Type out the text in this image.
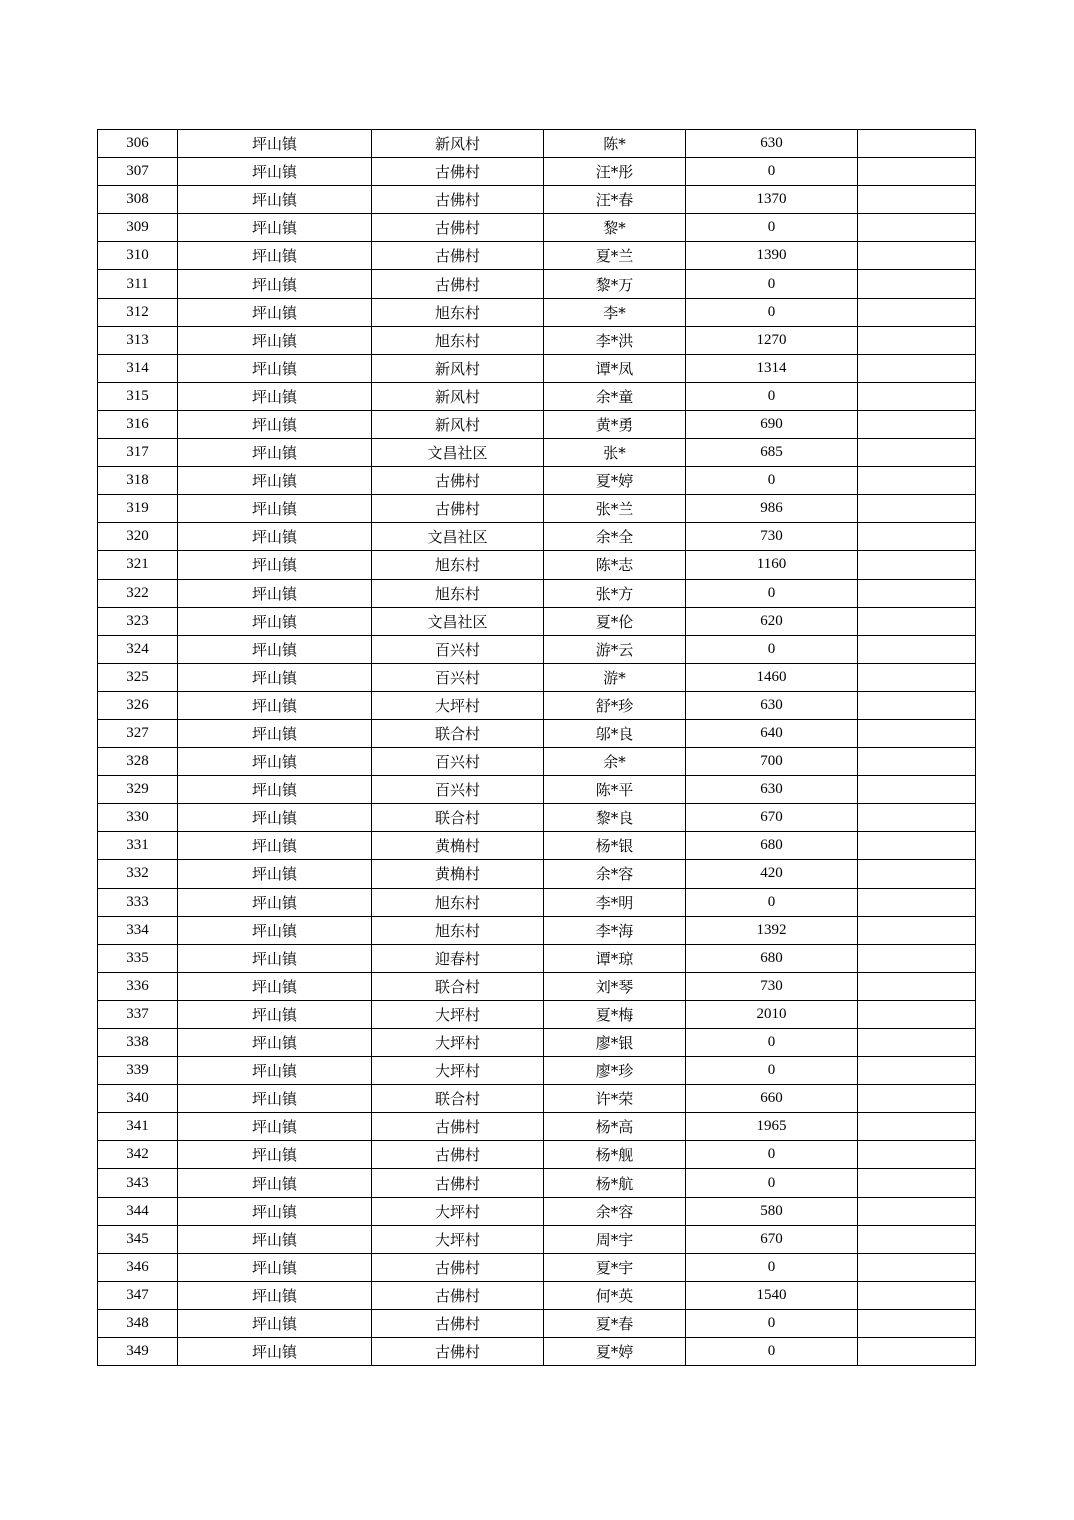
306	坪山镇	新风村	陈*	630	
307	坪山镇	古佛村	汪*彤	0	
308	坪山镇	古佛村	汪*春	1370	
309	坪山镇	古佛村	黎*	0	
310	坪山镇	古佛村	夏*兰	1390	
311	坪山镇	古佛村	黎*万	0	
312	坪山镇	旭东村	李*	0	
313	坪山镇	旭东村	李*洪	1270	
314	坪山镇	新风村	谭*凤	1314	
315	坪山镇	新风村	余*童	0	
316	坪山镇	新风村	黄*勇	690	
317	坪山镇	文昌社区	张*	685	
318	坪山镇	古佛村	夏*婷	0	
319	坪山镇	古佛村	张*兰	986	
320	坪山镇	文昌社区	余*全	730	
321	坪山镇	旭东村	陈*志	1160	
322	坪山镇	旭东村	张*方	0	
323	坪山镇	文昌社区	夏*伦	620	
324	坪山镇	百兴村	游*云	0	
325	坪山镇	百兴村	游*	1460	
326	坪山镇	大坪村	舒*珍	630	
327	坪山镇	联合村	邬*良	640	
328	坪山镇	百兴村	余*	700	
329	坪山镇	百兴村	陈*平	630	
330	坪山镇	联合村	黎*良	670	
331	坪山镇	黄桷村	杨*银	680	
332	坪山镇	黄桷村	余*容	420	
333	坪山镇	旭东村	李*明	0	
334	坪山镇	旭东村	李*海	1392	
335	坪山镇	迎春村	谭*琼	680	
336	坪山镇	联合村	刘*琴	730	
337	坪山镇	大坪村	夏*梅	2010	
338	坪山镇	大坪村	廖*银	0	
339	坪山镇	大坪村	廖*珍	0	
340	坪山镇	联合村	许*荣	660	
341	坪山镇	古佛村	杨*高	1965	
342	坪山镇	古佛村	杨*舰	0	
343	坪山镇	古佛村	杨*航	0	
344	坪山镇	大坪村	余*容	580	
345	坪山镇	大坪村	周*宇	670	
346	坪山镇	古佛村	夏*宇	0	
347	坪山镇	古佛村	何*英	1540	
348	坪山镇	古佛村	夏*春	0	
349	坪山镇	古佛村	夏*婷	0	
